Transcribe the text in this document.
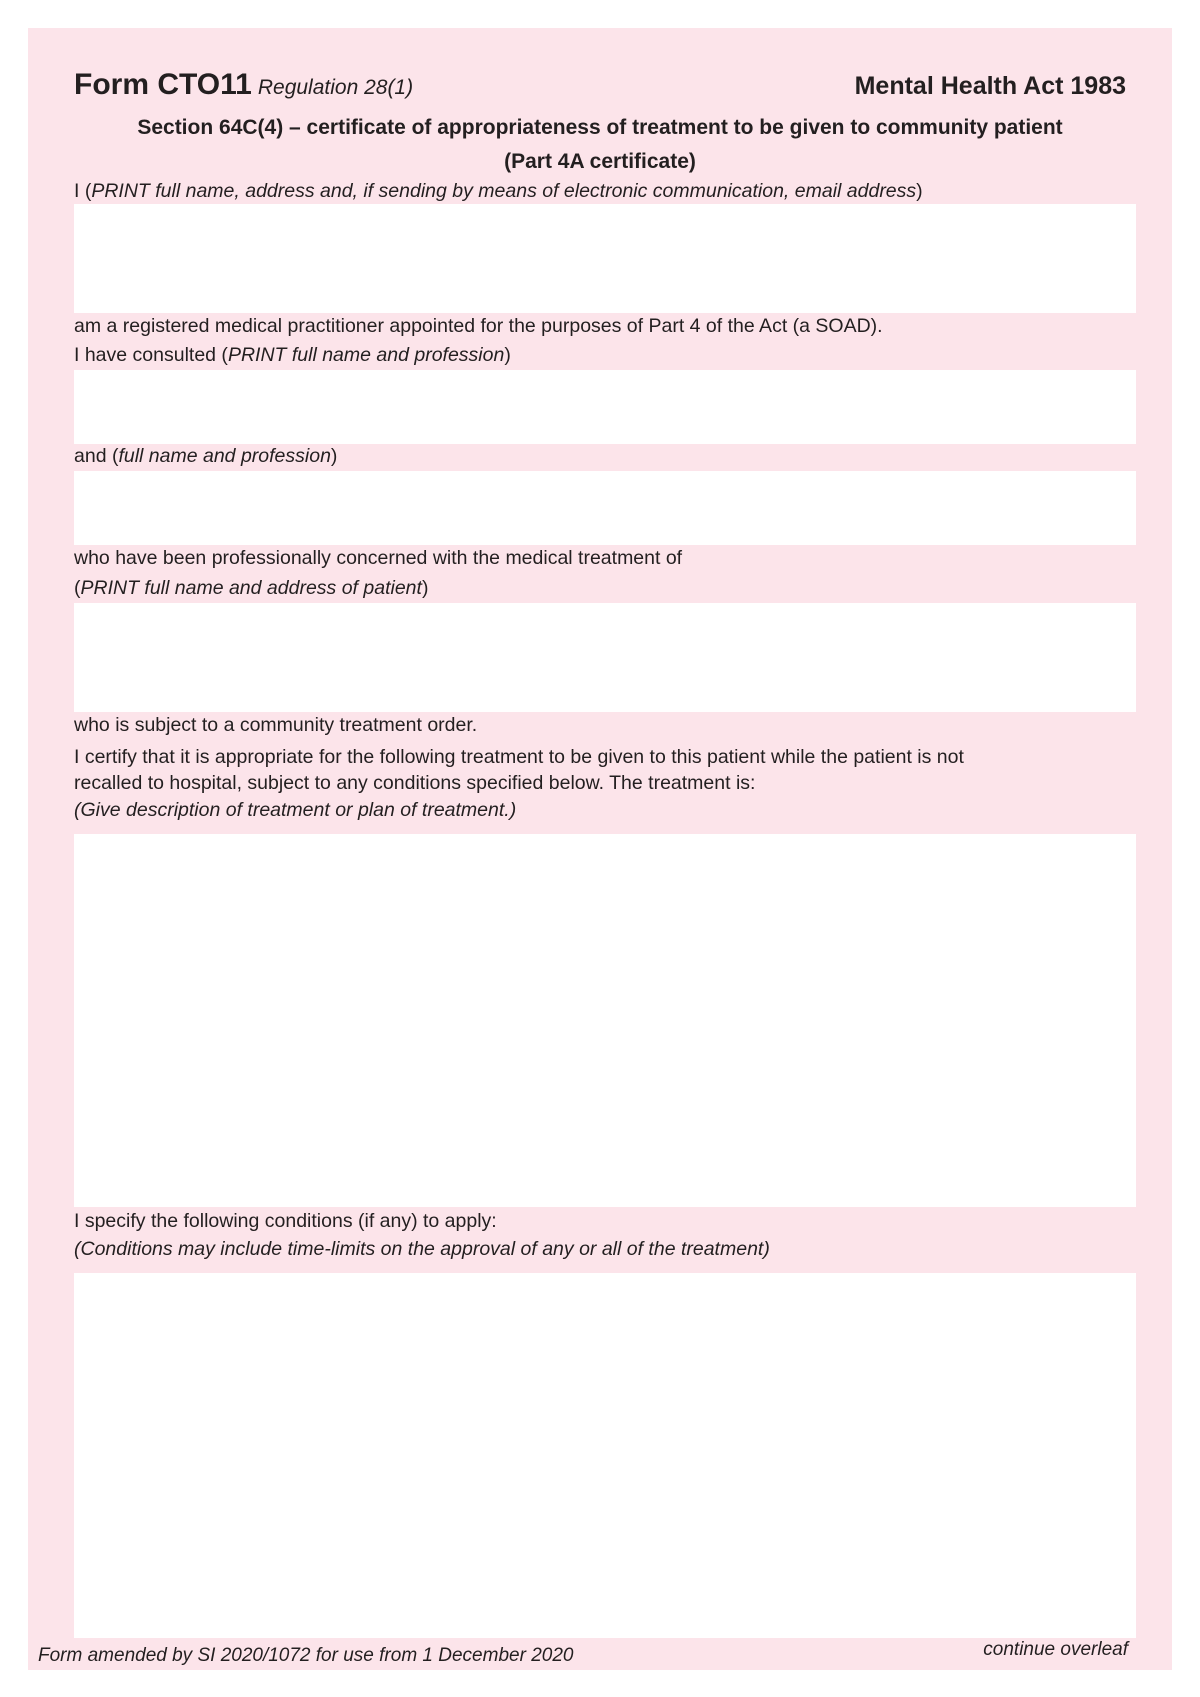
Form CTO11 Regulation 28(1)	Mental Health Act 1983
Section 64C(4) – certificate of appropriateness of treatment to be given to community patient
(Part 4A certificate)
I (PRINT full name, address and, if sending by means of electronic communication, email address)
am a registered medical practitioner appointed for the purposes of Part 4 of the Act (a SOAD).
I have consulted (PRINT full name and profession)
and (full name and profession)
who have been professionally concerned with the medical treatment of
(PRINT full name and address of patient)
who is subject to a community treatment order.
I certify that it is appropriate for the following treatment to be given to this patient while the patient is not
recalled to hospital, subject to any conditions specified below. The treatment is:
(Give description of treatment or plan of treatment.)
I specify the following conditions (if any) to apply:
(Conditions may include time-limits on the approval of any or all of the treatment)
Form amended by SI 2020/1072 for use from 1 December 2020	continue overleaf
